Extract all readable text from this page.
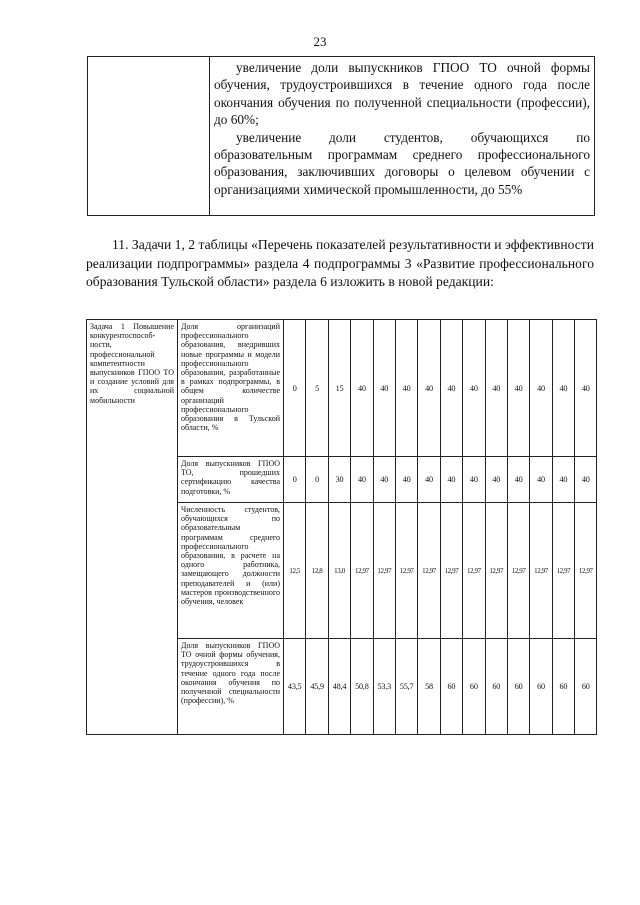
23

увеличение доли выпускников ГПОО ТО очной формы обучения, трудоустроившихся в течение одного года после окончания обучения по полученной специальности (профессии), до 60%;

увеличение доли студентов, обучающихся по образовательным программам среднего профессионального образования, заключивших договоры о целевом обучении с организациями химической промышленности, до 55%

11. Задачи 1, 2 таблицы «Перечень показателей результативности и эффективности реализации подпрограммы» раздела 4 подпрограммы 3 «Развитие профессионального образования Тульской области» раздела 6 изложить в новой редакции:

Задача 1 Повышение конкурентоспособ-ности, профессиональной компетентности выпускников ГПОО ТО и создание условий для их социальной мобильности	Доля организаций профессионального образования, внедривших новые программы и модели профессионального образования, разработанные в рамках подпрограммы, в общем количестве организаций профессионального образования в Тульской области, %	0	5	15	40	40	40	40	40	40	40	40	40	40	40
	Доля выпускников ГПОО ТО, прошедших сертификацию качества подготовки, %	0	0	30	40	40	40	40	40	40	40	40	40	40	40
	Численность студентов, обучающихся по образовательным программам среднего профессионального образования, в расчете на одного работника, замещающего должности преподавателей и (или) мастеров производственного обучения, человек	12,5	12,8	13,0	12,97	12,97	12,97	12,97	12,97	12,97	12,97	12,97	12,97	12,97	12,97
	Доля выпускников ГПОО ТО очной формы обучения, трудоустроившихся в течение одного года после окончания обучения по полученной специальности (профессии), %	43,5	45,9	48,4	50,8	53,3	55,7	58	60	60	60	60	60	60	60
